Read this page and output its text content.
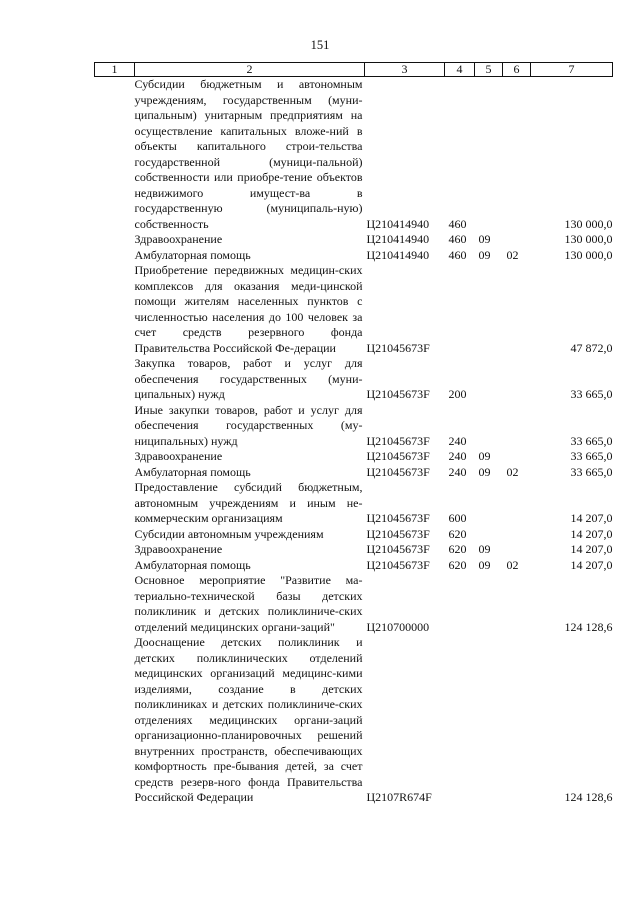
151
1	2	3	4	5	6	7
	Субсидии бюджетным и автономным учреждениям, государственным (муни-ципальным) унитарным предприятиям на осуществление капитальных вложе-ний в объекты капитального строи-тельства государственной (муници-пальной) собственности или приобре-тение объектов недвижимого имущест-ва в государственную (муниципаль-ную) собственность	Ц210414940	460			130 000,0
	Здравоохранение	Ц210414940	460	09		130 000,0
	Амбулаторная помощь	Ц210414940	460	09	02	130 000,0
	Приобретение передвижных медицин-ских комплексов для оказания меди-цинской помощи жителям населенных пунктов с численностью населения до 100 человек за счет средств резервного фонда Правительства Российской Фе-дерации	Ц21045673F				47 872,0
	Закупка товаров, работ и услуг для обеспечения государственных (муни-ципальных) нужд	Ц21045673F	200			33 665,0
	Иные закупки товаров, работ и услуг для обеспечения государственных (му-ниципальных) нужд	Ц21045673F	240			33 665,0
	Здравоохранение	Ц21045673F	240	09		33 665,0
	Амбулаторная помощь	Ц21045673F	240	09	02	33 665,0
	Предоставление субсидий бюджетным, автономным учреждениям и иным не-коммерческим организациям	Ц21045673F	600			14 207,0
	Субсидии автономным учреждениям	Ц21045673F	620			14 207,0
	Здравоохранение	Ц21045673F	620	09		14 207,0
	Амбулаторная помощь	Ц21045673F	620	09	02	14 207,0
	Основное мероприятие "Развитие ма-териально-технической базы детских поликлиник и детских поликлиниче-ских отделений медицинских органи-заций"	Ц210700000				124 128,6
	Дооснащение детских поликлиник и детских поликлинических отделений медицинских организаций медицинс-кими изделиями, создание в детских поликлиниках и детских поликлиниче-ских отделениях медицинских органи-заций организационно-планировочных решений внутренних пространств, обеспечивающих комфортность пре-бывания детей, за счет средств резерв-ного фонда Правительства Российской Федерации	Ц2107R674F				124 128,6
